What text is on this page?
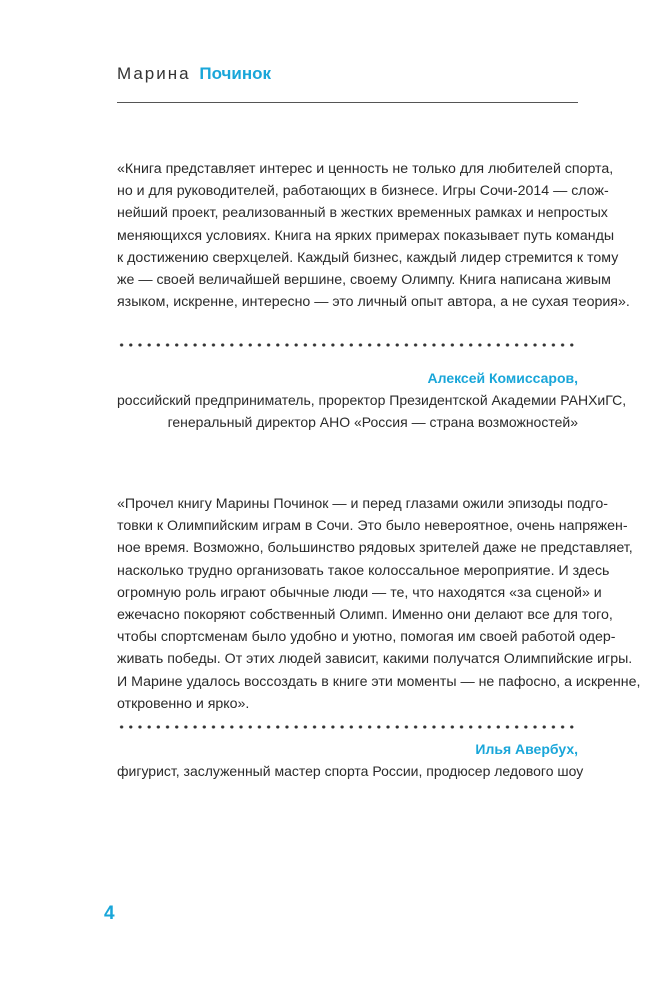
Марина Починок
«Книга представляет интерес и ценность не только для любителей спорта,
но и для руководителей, работающих в бизнесе. Игры Сочи-2014 — слож-
нейший проект, реализованный в жестких временных рамках и непростых
меняющихся условиях. Книга на ярких примерах показывает путь команды
к достижению сверхцелей. Каждый бизнес, каждый лидер стремится к тому
же — своей величайшей вершине, своему Олимпу. Книга написана живым
языком, искренне, интересно — это личный опыт автора, а не сухая теория».
Алексей Комиссаров,
российский предприниматель, проректор Президентской Академии РАНХиГС,
генеральный директор АНО «Россия — страна возможностей»
«Прочел книгу Марины Починок — и перед глазами ожили эпизоды подго-
товки к Олимпийским играм в Сочи. Это было невероятное, очень напряжен-
ное время. Возможно, большинство рядовых зрителей даже не представляет,
насколько трудно организовать такое колоссальное мероприятие. И здесь
огромную роль играют обычные люди — те, что находятся «за сценой» и
ежечасно покоряют собственный Олимп. Именно они делают все для того,
чтобы спортсменам было удобно и уютно, помогая им своей работой одер-
живать победы. От этих людей зависит, какими получатся Олимпийские игры.
И Марине удалось воссоздать в книге эти моменты — не пафосно, а искренне,
откровенно и ярко».
Илья Авербух,
фигурист, заслуженный мастер спорта России, продюсер ледового шоу
4
